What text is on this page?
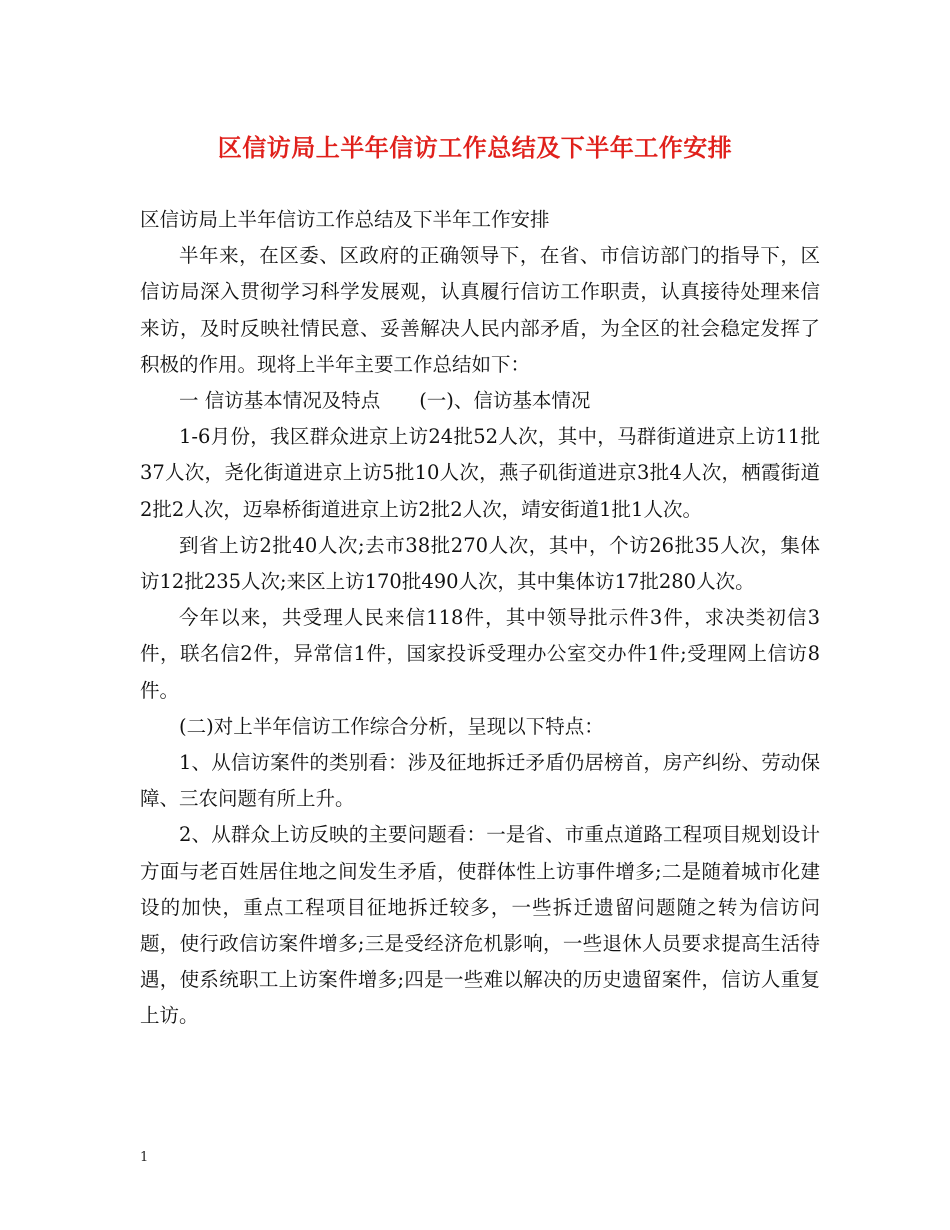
区信访局上半年信访工作总结及下半年工作安排

区信访局上半年信访工作总结及下半年工作安排

半年来，在区委、区政府的正确领导下，在省、市信访部门的指导下，区信访局深入贯彻学习科学发展观，认真履行信访工作职责，认真接待处理来信来访，及时反映社情民意、妥善解决人民内部矛盾，为全区的社会稳定发挥了积极的作用。现将上半年主要工作总结如下：

一 信访基本情况及特点　　(一)、信访基本情况

1-6月份，我区群众进京上访24批52人次，其中，马群街道进京上访11批37人次，尧化街道进京上访5批10人次，燕子矶街道进京3批4人次，栖霞街道2批2人次，迈皋桥街道进京上访2批2人次，靖安街道1批1人次。

到省上访2批40人次;去市38批270人次，其中，个访26批35人次，集体访12批235人次;来区上访170批490人次，其中集体访17批280人次。

今年以来，共受理人民来信118件，其中领导批示件3件，求决类初信3件，联名信2件，异常信1件，国家投诉受理办公室交办件1件;受理网上信访8件。

(二)对上半年信访工作综合分析，呈现以下特点：

1、从信访案件的类别看：涉及征地拆迁矛盾仍居榜首，房产纠纷、劳动保障、三农问题有所上升。

2、从群众上访反映的主要问题看：一是省、市重点道路工程项目规划设计方面与老百姓居住地之间发生矛盾，使群体性上访事件增多;二是随着城市化建设的加快，重点工程项目征地拆迁较多，一些拆迁遗留问题随之转为信访问题，使行政信访案件增多;三是受经济危机影响，一些退休人员要求提高生活待遇，使系统职工上访案件增多;四是一些难以解决的历史遗留案件，信访人重复上访。

1
